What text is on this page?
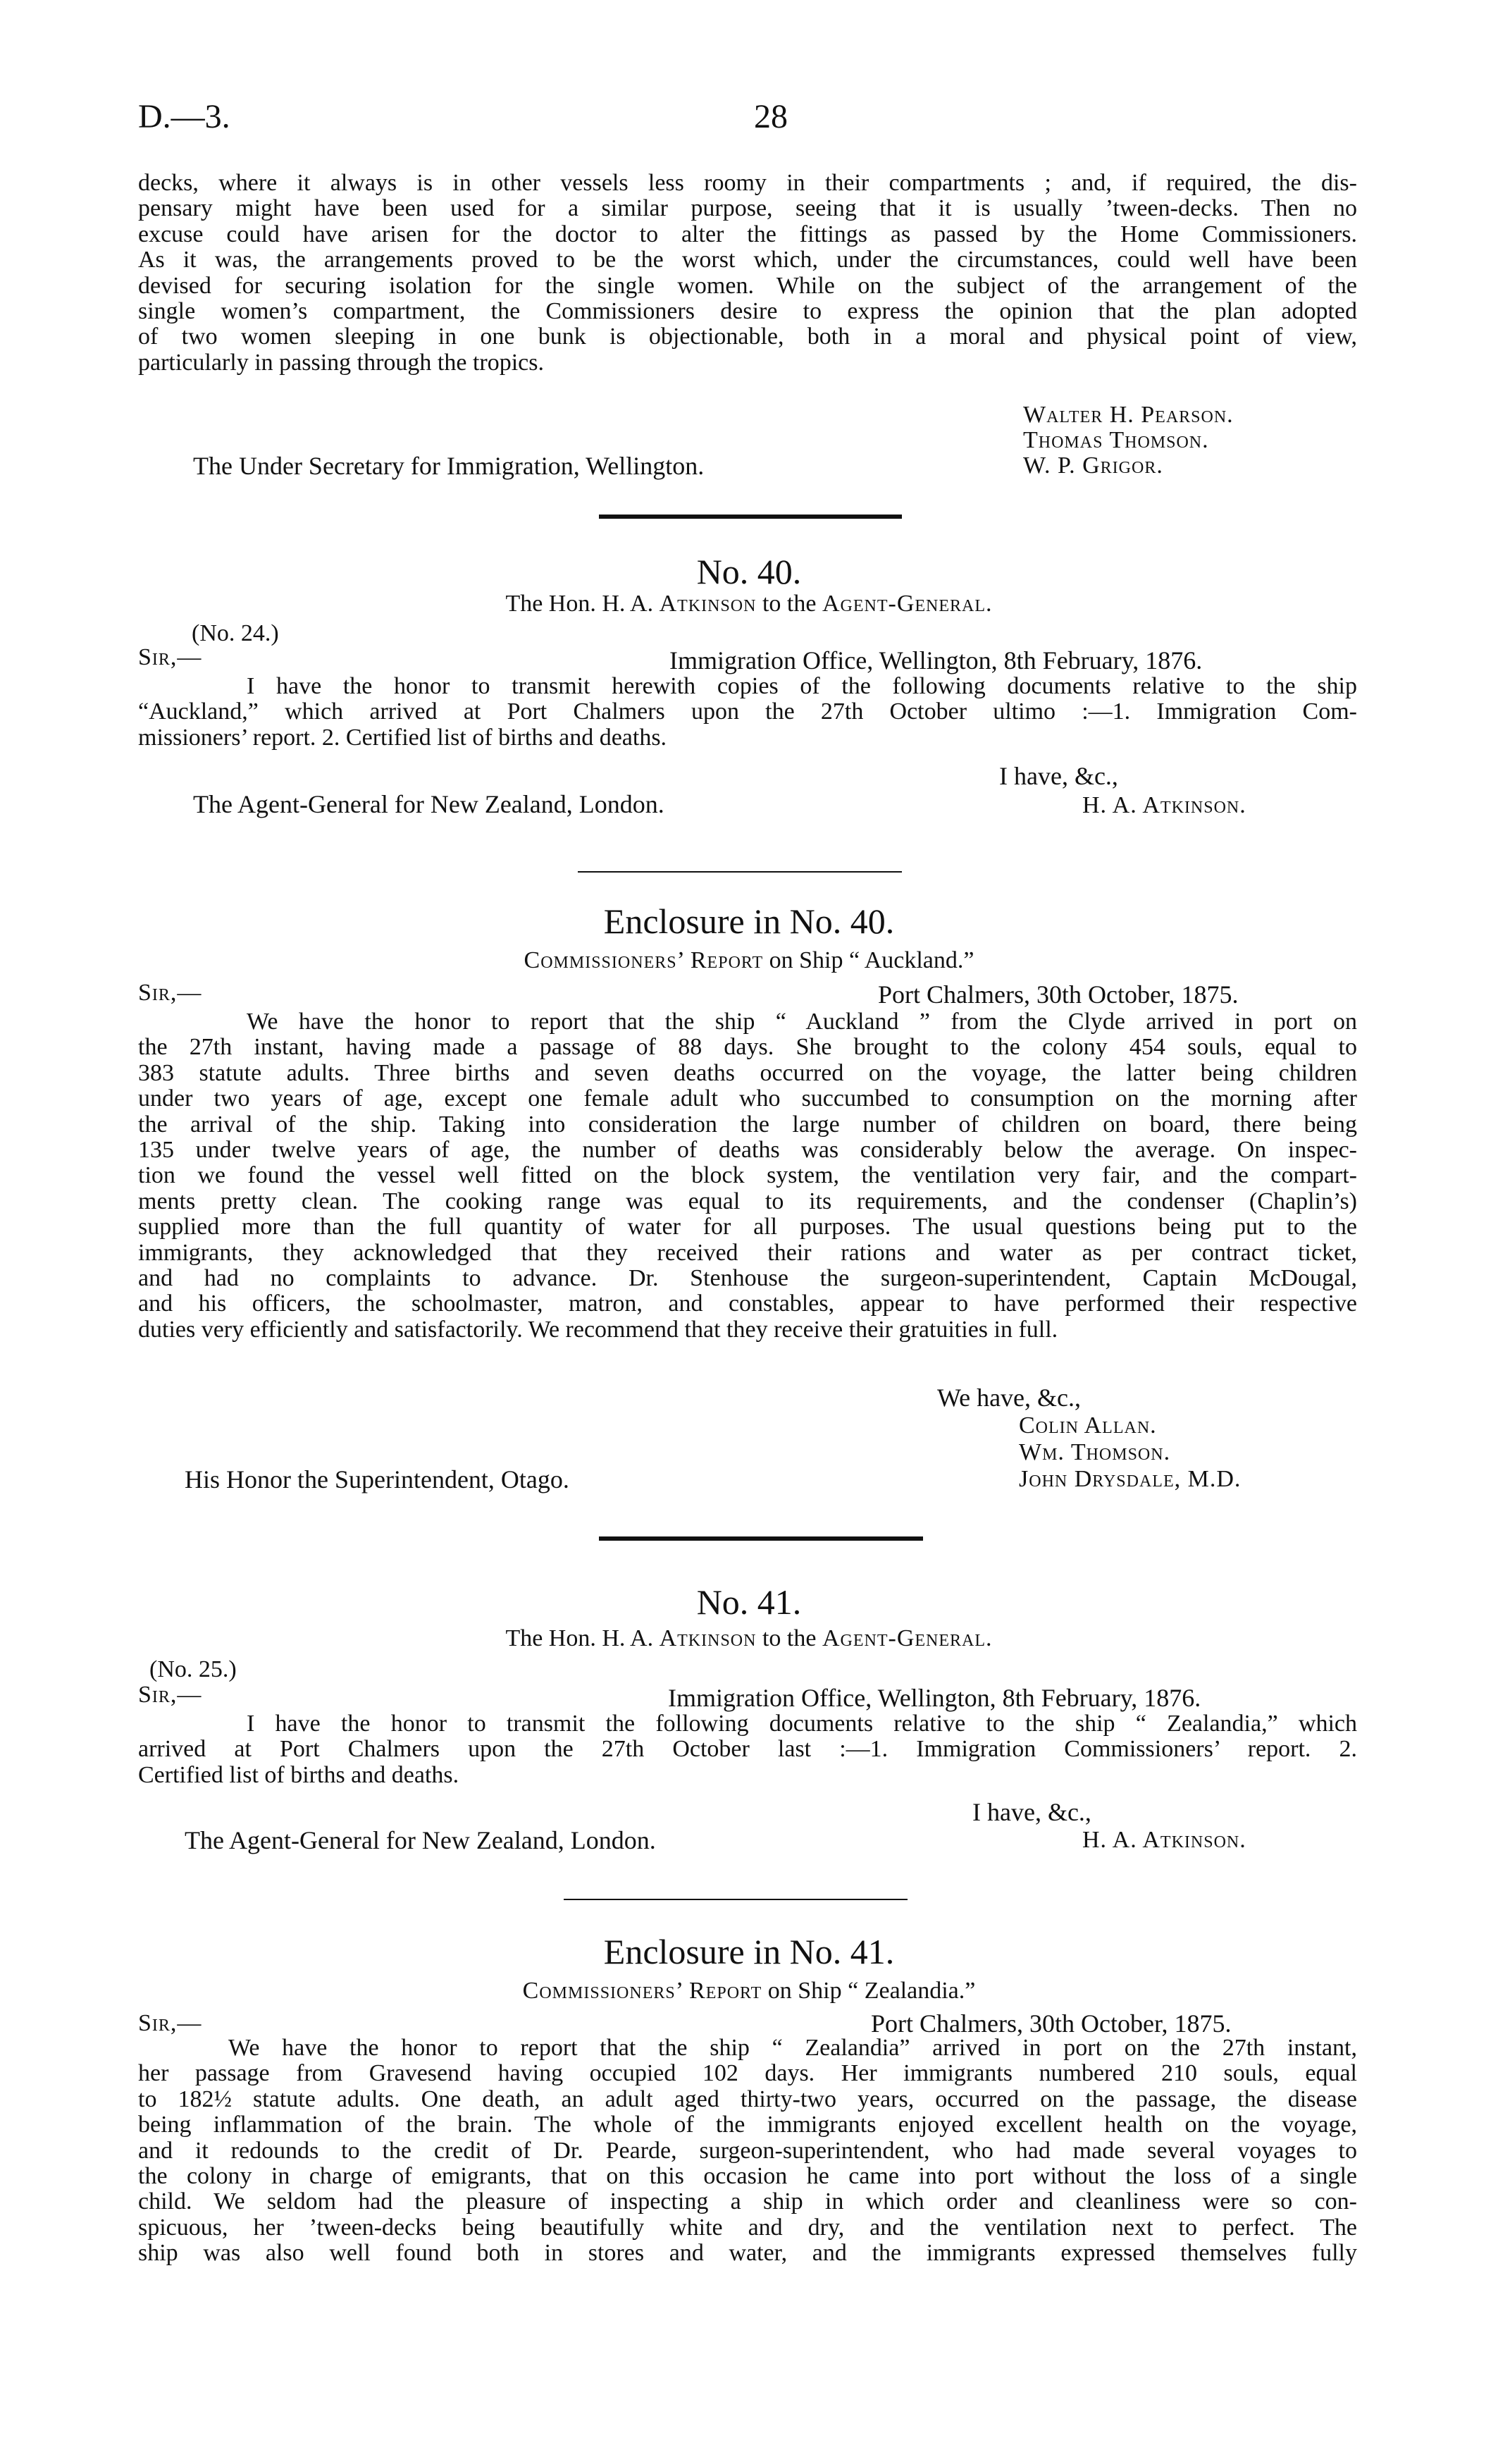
D.—3.	28
decks, where it always is in other vessels less roomy in their compartments ; and, if required, the dis-
pensary might have been used for a similar purpose, seeing that it is usually ’tween-decks. Then no
excuse could have arisen for the doctor to alter the fittings as passed by the Home Commissioners.
As it was, the arrangements proved to be the worst which, under the circumstances, could well have been
devised for securing isolation for the single women. While on the subject of the arrangement of the
single women’s compartment, the Commissioners desire to express the opinion that the plan adopted
of two women sleeping in one bunk is objectionable, both in a moral and physical point of view,
particularly in passing through the tropics.
Walter H. Pearson.
Thomas Thomson.
W. P. Grigor.
The Under Secretary for Immigration, Wellington.
No. 40.
The Hon. H. A. Atkinson to the Agent-General.
(No. 24.)
Sir,—	Immigration Office, Wellington, 8th February, 1876.
I have the honor to transmit herewith copies of the following documents relative to the ship
“Auckland,” which arrived at Port Chalmers upon the 27th October ultimo :—1. Immigration Com-
missioners’ report. 2. Certified list of births and deaths.
I have, &c.,
H. A. Atkinson.
The Agent-General for New Zealand, London.
Enclosure in No. 40.
Commissioners’ Report on Ship “ Auckland.”
Sir,—	Port Chalmers, 30th October, 1875.
We have the honor to report that the ship “ Auckland ” from the Clyde arrived in port on
the 27th instant, having made a passage of 88 days. She brought to the colony 454 souls, equal to
383 statute adults. Three births and seven deaths occurred on the voyage, the latter being children
under two years of age, except one female adult who succumbed to consumption on the morning after
the arrival of the ship. Taking into consideration the large number of children on board, there being
135 under twelve years of age, the number of deaths was considerably below the average. On inspec-
tion we found the vessel well fitted on the block system, the ventilation very fair, and the compart-
ments pretty clean. The cooking range was equal to its requirements, and the condenser (Chaplin’s)
supplied more than the full quantity of water for all purposes. The usual questions being put to the
immigrants, they acknowledged that they received their rations and water as per contract ticket,
and had no complaints to advance. Dr. Stenhouse the surgeon-superintendent, Captain McDougal,
and his officers, the schoolmaster, matron, and constables, appear to have performed their respective
duties very efficiently and satisfactorily. We recommend that they receive their gratuities in full.
We have, &c.,
Colin Allan.
Wm. Thomson.
John Drysdale, M.D.
His Honor the Superintendent, Otago.
No. 41.
The Hon. H. A. Atkinson to the Agent-General.
(No. 25.)
Sir,—	Immigration Office, Wellington, 8th February, 1876.
I have the honor to transmit the following documents relative to the ship “ Zealandia,” which
arrived at Port Chalmers upon the 27th October last :—1. Immigration Commissioners’ report. 2.
Certified list of births and deaths.
I have, &c.,
H. A. Atkinson.
The Agent-General for New Zealand, London.
Enclosure in No. 41.
Commissioners’ Report on Ship “ Zealandia.”
Sir,—	Port Chalmers, 30th October, 1875.
We have the honor to report that the ship “ Zealandia” arrived in port on the 27th instant,
her passage from Gravesend having occupied 102 days. Her immigrants numbered 210 souls, equal
to 182½ statute adults. One death, an adult aged thirty-two years, occurred on the passage, the disease
being inflammation of the brain. The whole of the immigrants enjoyed excellent health on the voyage,
and it redounds to the credit of Dr. Pearde, surgeon-superintendent, who had made several voyages to
the colony in charge of emigrants, that on this occasion he came into port without the loss of a single
child. We seldom had the pleasure of inspecting a ship in which order and cleanliness were so con-
spicuous, her ’tween-decks being beautifully white and dry, and the ventilation next to perfect. The
ship was also well found both in stores and water, and the immigrants expressed themselves fully
